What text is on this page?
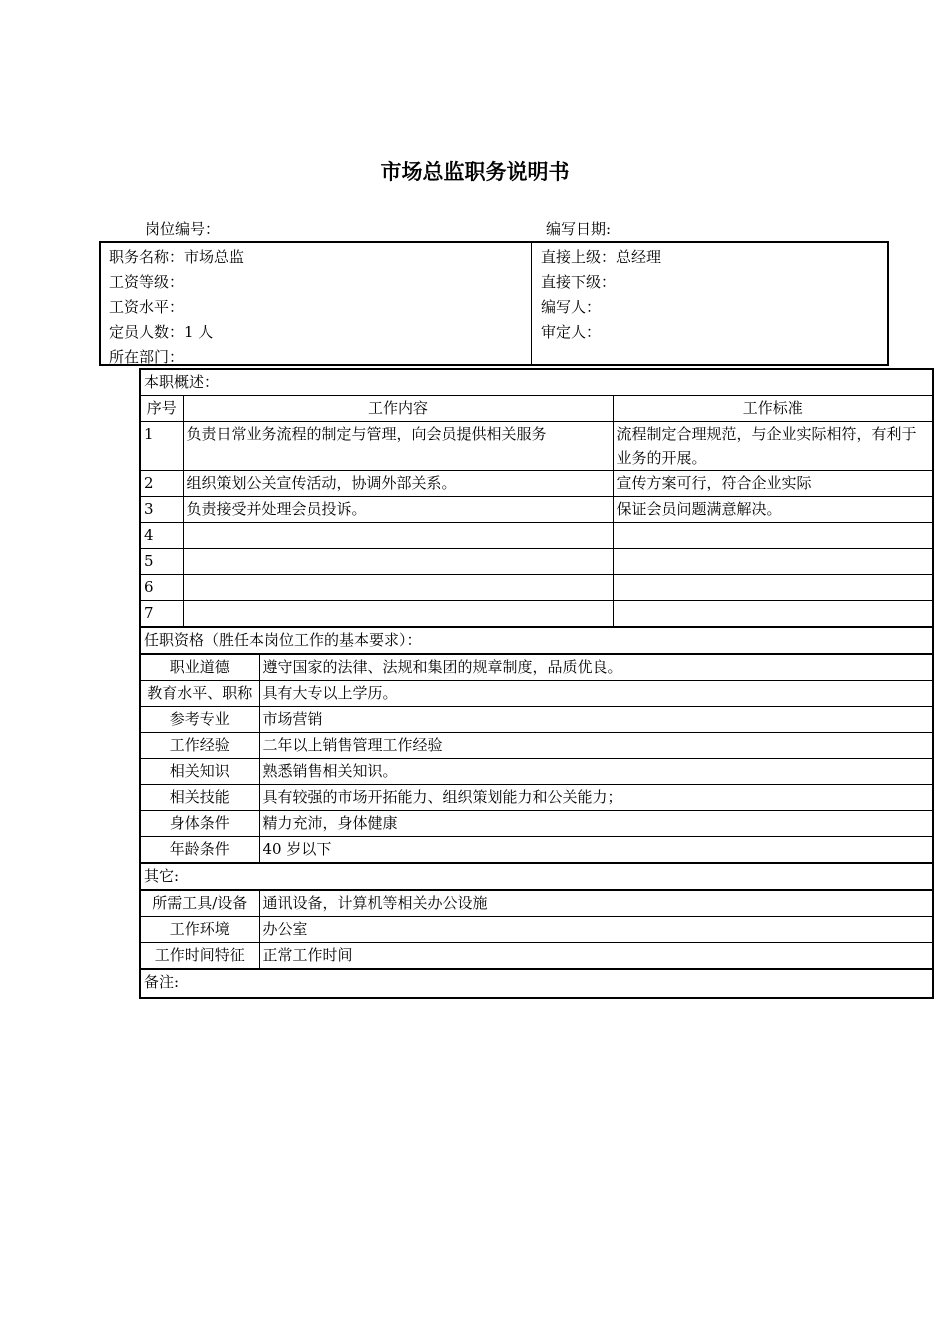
市场总监职务说明书
岗位编号：	编写日期:
职务名称：市场总监
工资等级：
工资水平：
定员人数：1 人
所在部门：
直接上级：总经理
直接下级：
编写人：
审定人：
本职概述：			
序号	工作内容		工作标准
1	负责日常业务流程的制定与管理，向会员提供相关服务		流程制定合理规范，与企业实际相符，有利于业务的开展。
2	组织策划公关宣传活动，协调外部关系。		宣传方案可行，符合企业实际
3	负责接受并处理会员投诉。		保证会员问题满意解决。
4			
5			
6			
7			
任职资格（胜任本岗位工作的基本要求）：			
职业道德		遵守国家的法律、法规和集团的规章制度，品质优良。	
教育水平、职称		具有大专以上学历。	
参考专业		市场营销	
工作经验		二年以上销售管理工作经验	
相关知识		熟悉销售相关知识。	
相关技能		具有较强的市场开拓能力、组织策划能力和公关能力；	
身体条件		精力充沛，身体健康	
年龄条件		40 岁以下	
其它:			
所需工具/设备		通讯设备，计算机等相关办公设施	
工作环境		办公室	
工作时间特征		正常工作时间	
备注:			
